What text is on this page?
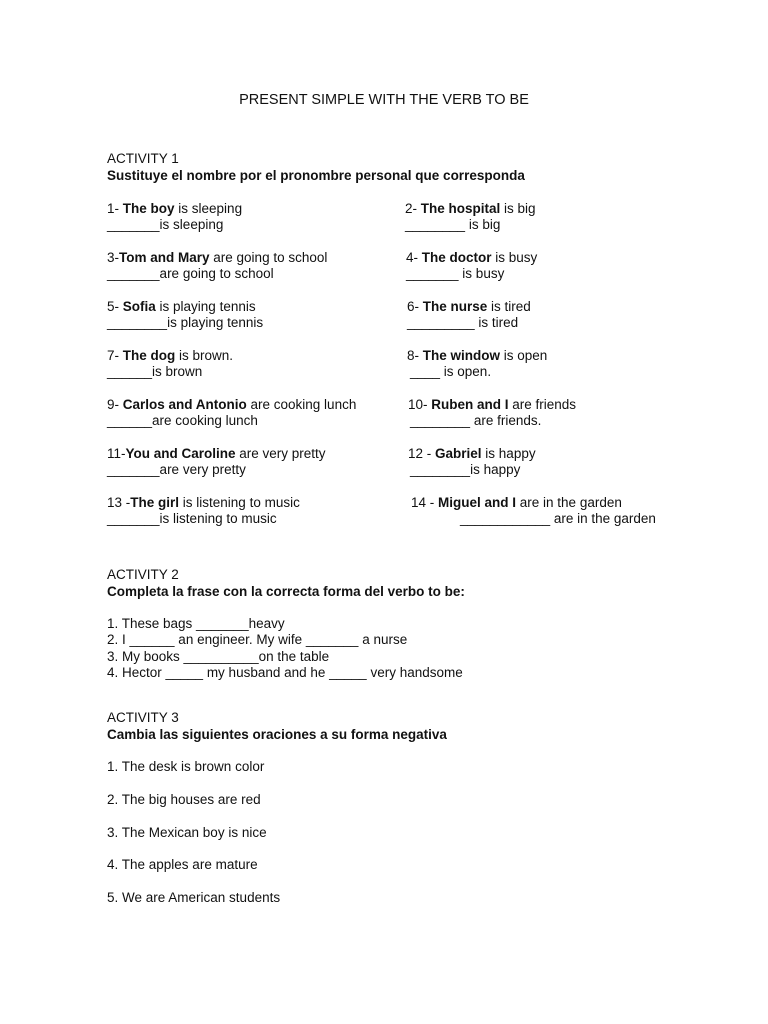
PRESENT SIMPLE WITH THE VERB TO BE
ACTIVITY 1
Sustituye el nombre por el pronombre personal que corresponda
1- The boy is sleeping
_______is sleeping
2- The hospital is big
________ is big
3-Tom and Mary are going to school
_______are going to school
4- The doctor is busy
_______ is busy
5- Sofia is playing tennis
________is playing tennis
6- The nurse is tired
_________ is tired
7- The dog is brown.
______is brown
8- The window is open
____ is open.
9- Carlos and Antonio are cooking lunch
______are cooking lunch
10- Ruben and I are friends
________ are friends.
11-You and Caroline are very pretty
_______are very pretty
12 - Gabriel is happy
________is happy
13 -The girl is listening to music
_______is listening to music
14 - Miguel and I are in the garden
____________ are in the garden
ACTIVITY 2
Completa la frase con la correcta forma del verbo to be:
1. These bags _______heavy
2. I ______ an engineer. My wife _______ a nurse
3. My books __________on the table
4. Hector _____ my husband and he _____ very handsome
ACTIVITY 3
Cambia las siguientes oraciones a su forma negativa
1. The desk is brown color
2. The big houses are red
3. The Mexican boy is nice
4. The apples are mature
5. We are American students
